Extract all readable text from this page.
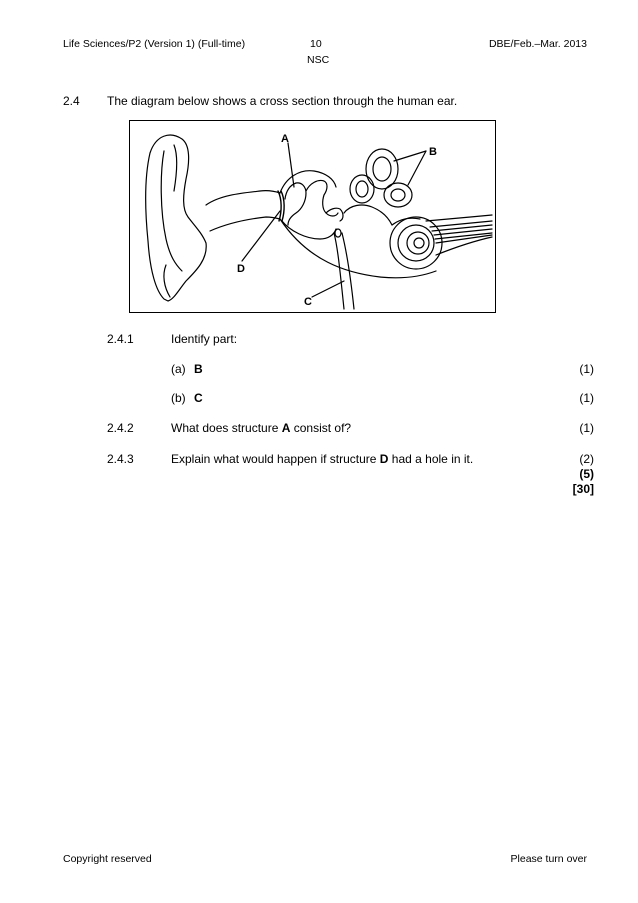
Life Sciences/P2 (Version 1) (Full-time)	10
NSC
DBE/Feb.–Mar. 2013
2.4 The diagram below shows a cross section through the human ear.
A
B
C
D
2.4.1	Identify part:
(a) B	(1)
(b) C	(1)
2.4.2	What does structure A consist of?	(1)
2.4.3	Explain what would happen if structure D had a hole in it.	(2)
(5)
[30]
Copyright reserved	Please turn over
